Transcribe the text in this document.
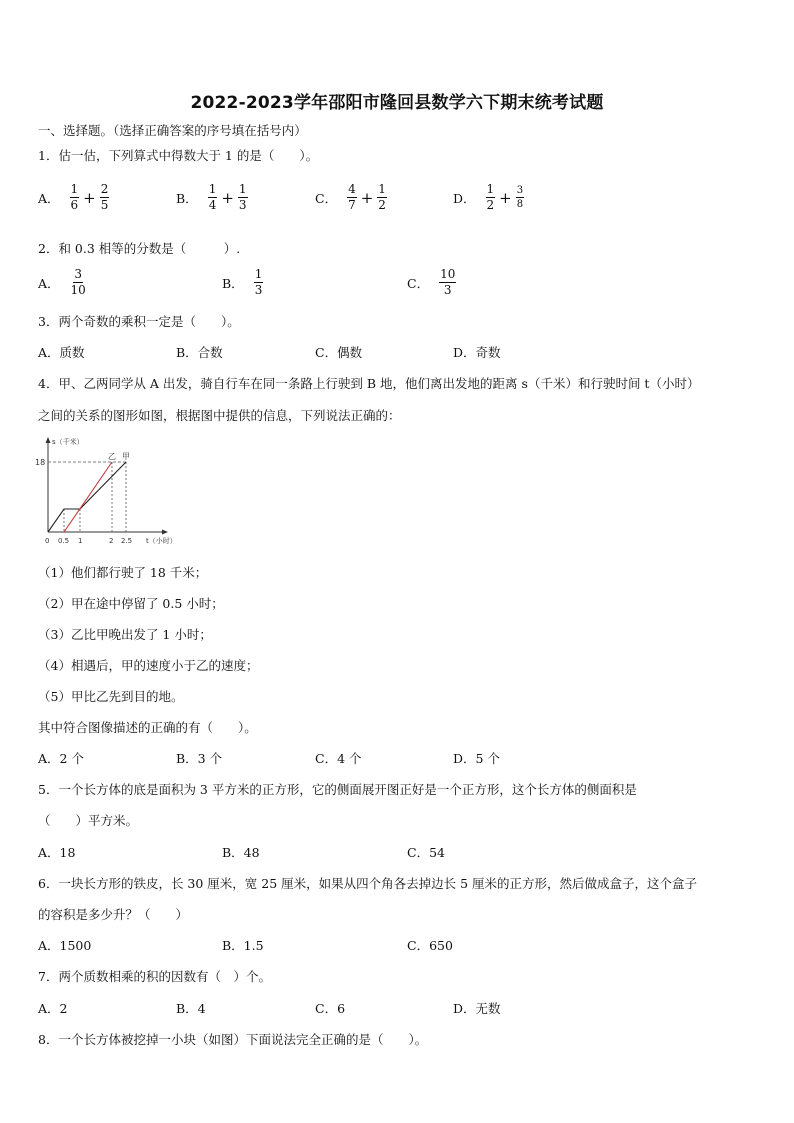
2022-2023学年邵阳市隆回县数学六下期末统考试题
一、选择题。（选择正确答案的序号填在括号内）
1．估一估，下列算式中得数大于 1 的是（　　）。
A． $\frac{1}{6} + \frac{2}{5}$	B． $\frac{1}{4} + \frac{1}{3}$	C． $\frac{4}{7} + \frac{1}{2}$	D． $\frac{1}{2} + \frac{3}{8}$
2．和 0.3 相等的分数是（　　　）.
A． $\frac{3}{10}$	B． $\frac{1}{3}$	C． $\frac{10}{3}$
3．两个奇数的乘积一定是（　　）。
A．质数	B．合数	C．偶数	D．奇数
4．甲、乙两同学从 A 出发，骑自行车在同一条路上行驶到 B 地，他们离出发地的距离 s（千米）和行驶时间 t（小时）
之间的关系的图形如图，根据图中提供的信息，下列说法正确的：
s（千米）
18
0 0.5 1	2 2.5 t（小时）
乙 甲
（1）他们都行驶了 18 千米；
（2）甲在途中停留了 0.5 小时；
（3）乙比甲晚出发了 1 小时；
（4）相遇后，甲的速度小于乙的速度；
（5）甲比乙先到目的地。
其中符合图像描述的正确的有（　　）。
A．2 个	B．3 个	C．4 个	D．5 个
5．一个长方体的底是面积为 3 平方米的正方形，它的侧面展开图正好是一个正方形，这个长方体的侧面积是
（　　）平方米。
A．18	B．48	C．54
6．一块长方形的铁皮，长 30 厘米，宽 25 厘米，如果从四个角各去掉边长 5 厘米的正方形，然后做成盒子，这个盒子
的容积是多少升？（　　）
A．1500	B．1.5	C．650
7．两个质数相乘的积的因数有（　）个。
A．2	B．4	C．6	D．无数
8．一个长方体被挖掉一小块（如图）下面说法完全正确的是（　　）。
